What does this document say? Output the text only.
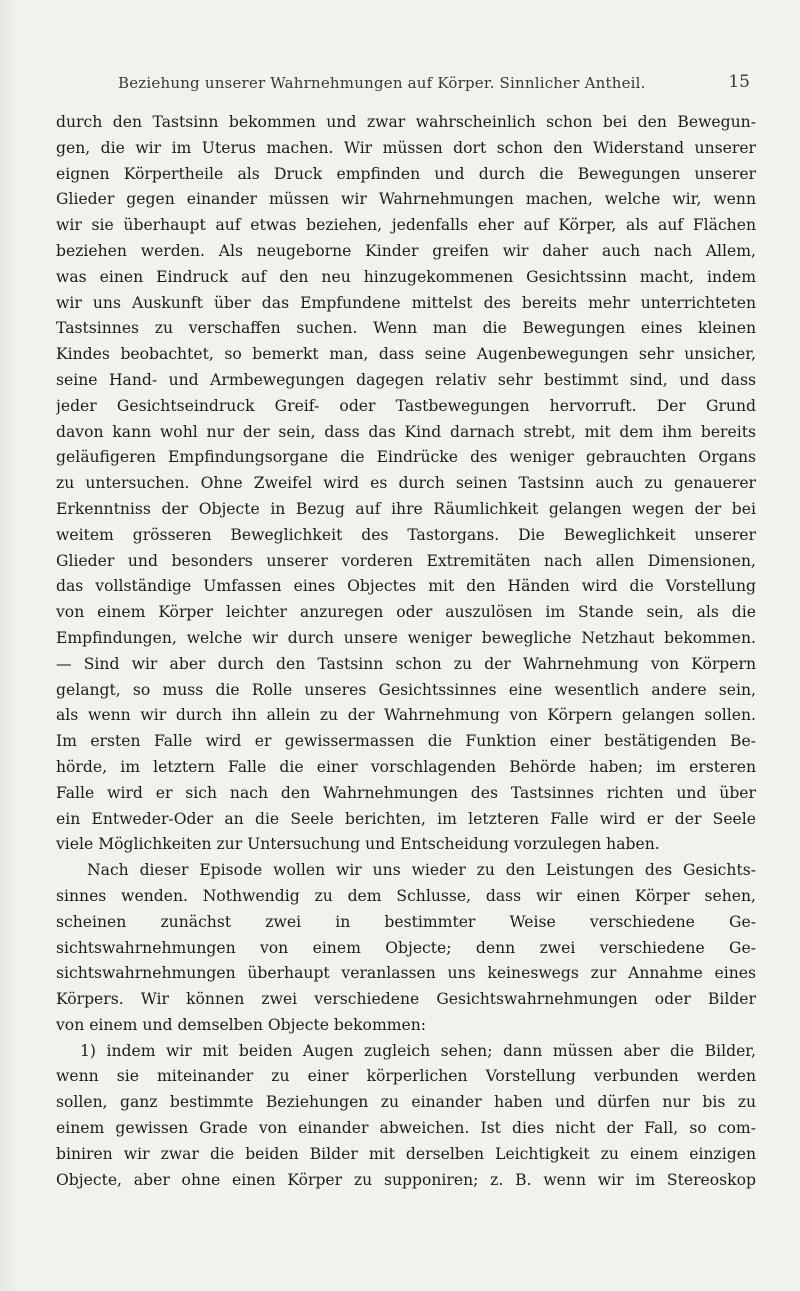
Beziehung unserer Wahrnehmungen auf Körper. Sinnlicher Antheil.	15
durch den Tastsinn bekommen und zwar wahrscheinlich schon bei den Bewegun-
gen, die wir im Uterus machen. Wir müssen dort schon den Widerstand unserer
eignen Körpertheile als Druck empfinden und durch die Bewegungen unserer
Glieder gegen einander müssen wir Wahrnehmungen machen, welche wir, wenn
wir sie überhaupt auf etwas beziehen, jedenfalls eher auf Körper, als auf Flächen
beziehen werden. Als neugeborne Kinder greifen wir daher auch nach Allem,
was einen Eindruck auf den neu hinzugekommenen Gesichtssinn macht, indem
wir uns Auskunft über das Empfundene mittelst des bereits mehr unterrichteten
Tastsinnes zu verschaffen suchen. Wenn man die Bewegungen eines kleinen
Kindes beobachtet, so bemerkt man, dass seine Augenbewegungen sehr unsicher,
seine Hand- und Armbewegungen dagegen relativ sehr bestimmt sind, und dass
jeder Gesichtseindruck Greif- oder Tastbewegungen hervorruft. Der Grund
davon kann wohl nur der sein, dass das Kind darnach strebt, mit dem ihm bereits
geläufigeren Empfindungsorgane die Eindrücke des weniger gebrauchten Organs
zu untersuchen. Ohne Zweifel wird es durch seinen Tastsinn auch zu genauerer
Erkenntniss der Objecte in Bezug auf ihre Räumlichkeit gelangen wegen der bei
weitem grösseren Beweglichkeit des Tastorgans. Die Beweglichkeit unserer
Glieder und besonders unserer vorderen Extremitäten nach allen Dimensionen,
das vollständige Umfassen eines Objectes mit den Händen wird die Vorstellung
von einem Körper leichter anzuregen oder auszulösen im Stande sein, als die
Empfindungen, welche wir durch unsere weniger bewegliche Netzhaut bekommen.
— Sind wir aber durch den Tastsinn schon zu der Wahrnehmung von Körpern
gelangt, so muss die Rolle unseres Gesichtssinnes eine wesentlich andere sein,
als wenn wir durch ihn allein zu der Wahrnehmung von Körpern gelangen sollen.
Im ersten Falle wird er gewissermassen die Funktion einer bestätigenden Be-
hörde, im letztern Falle die einer vorschlagenden Behörde haben; im ersteren
Falle wird er sich nach den Wahrnehmungen des Tastsinnes richten und über
ein Entweder-Oder an die Seele berichten, im letzteren Falle wird er der Seele
viele Möglichkeiten zur Untersuchung und Entscheidung vorzulegen haben.
Nach dieser Episode wollen wir uns wieder zu den Leistungen des Gesichts-
sinnes wenden. Nothwendig zu dem Schlusse, dass wir einen Körper sehen,
scheinen zunächst zwei in bestimmter Weise verschiedene Ge-
sichtswahrnehmungen von einem Objecte; denn zwei verschiedene Ge-
sichtswahrnehmungen überhaupt veranlassen uns keineswegs zur Annahme eines
Körpers. Wir können zwei verschiedene Gesichtswahrnehmungen oder Bilder
von einem und demselben Objecte bekommen:
1) indem wir mit beiden Augen zugleich sehen; dann müssen aber die Bilder,
wenn sie miteinander zu einer körperlichen Vorstellung verbunden werden
sollen, ganz bestimmte Beziehungen zu einander haben und dürfen nur bis zu
einem gewissen Grade von einander abweichen. Ist dies nicht der Fall, so com-
biniren wir zwar die beiden Bilder mit derselben Leichtigkeit zu einem einzigen
Objecte, aber ohne einen Körper zu supponiren; z. B. wenn wir im Stereoskop
